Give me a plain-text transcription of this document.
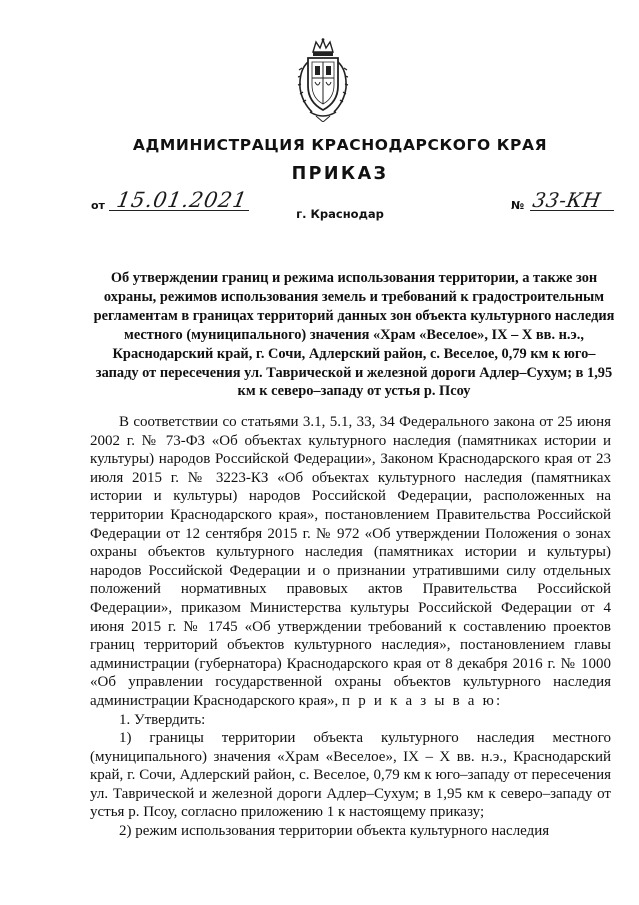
АДМИНИСТРАЦИЯ КРАСНОДАРСКОГО КРАЯ
ПРИКАЗ
от 15.01.2021	№ 33-КН
г. Краснодар

Об утверждении границ и режима использования территории, а также зон охраны, режимов использования земель и требований к градостроительным регламентам в границах территорий данных зон объекта культурного наследия местного (муниципального) значения «Храм «Веселое», IX – X вв. н.э., Краснодарский край, г. Сочи, Адлерский район, с. Веселое, 0,79 км к юго–западу от пересечения ул. Таврической и железной дороги Адлер–Сухум; в 1,95 км к северо–западу от устья р. Псоу

В соответствии со статьями 3.1, 5.1, 33, 34 Федерального закона от 25 июня 2002 г. № 73-ФЗ «Об объектах культурного наследия (памятниках истории и культуры) народов Российской Федерации», Законом Краснодарского края от 23 июля 2015 г. № 3223-КЗ «Об объектах культурного наследия (памятниках истории и культуры) народов Российской Федерации, расположенных на территории Краснодарского края», постановлением Правительства Российской Федерации от 12 сентября 2015 г. № 972 «Об утверждении Положения о зонах охраны объектов культурного наследия (памятниках истории и культуры) народов Российской Федерации и о признании утратившими силу отдельных положений нормативных правовых актов Правительства Российской Федерации», приказом Министерства культуры Российской Федерации от 4 июня 2015 г. № 1745 «Об утверждении требований к составлению проектов границ территорий объектов культурного наследия», постановлением главы администрации (губернатора) Краснодарского края от 8 декабря 2016 г. № 1000 «Об управлении государственной охраны объектов культурного наследия администрации Краснодарского края», п р и к а з ы в а ю:

1. Утвердить:

1) границы территории объекта культурного наследия местного (муниципального) значения «Храм «Веселое», IX – X вв. н.э., Краснодарский край, г. Сочи, Адлерский район, с. Веселое, 0,79 км к юго–западу от пересечения ул. Таврической и железной дороги Адлер–Сухум; в 1,95 км к северо–западу от устья р. Псоу, согласно приложению 1 к настоящему приказу;

2) режим использования территории объекта культурного наследия
